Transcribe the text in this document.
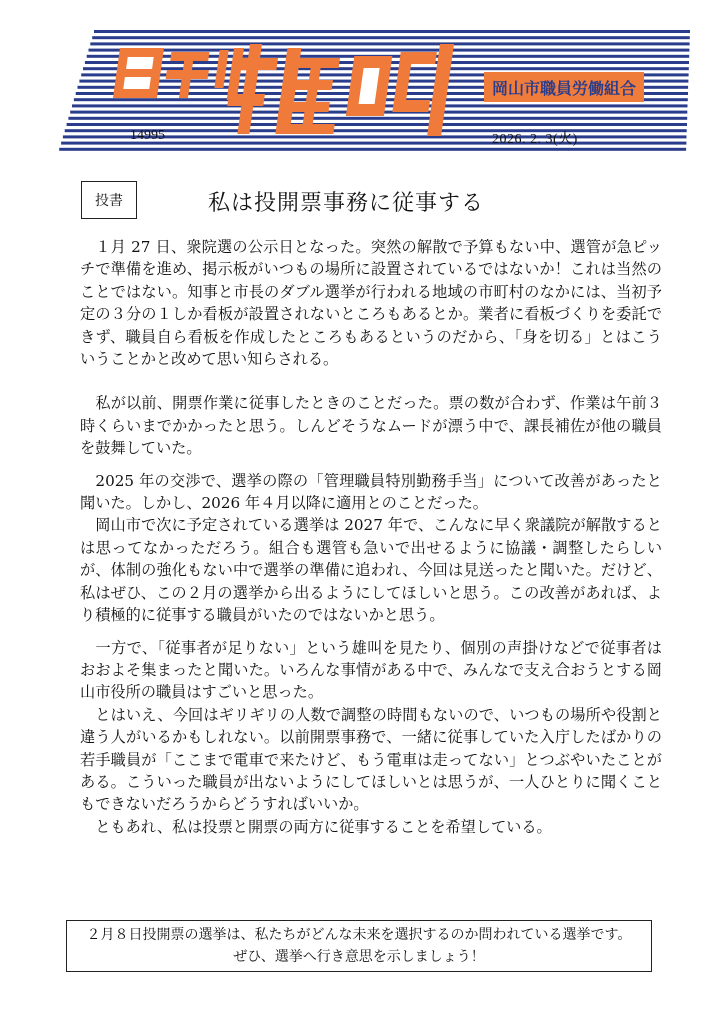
岡山市職員労働組合
14995	2026. 2. 3(火)
投書	私は投開票事務に従事する

　１月 27 日、衆院選の公示日となった。突然の解散で予算もない中、選管が急ピッチで準備を進め、掲示板がいつもの場所に設置されているではないか！これは当然のことではない。知事と市長のダブル選挙が行われる地域の市町村のなかには、当初予定の３分の１しか看板が設置されないところもあるとか。業者に看板づくりを委託できず、職員自ら看板を作成したところもあるというのだから、「身を切る」とはこういうことかと改めて思い知らされる。

　私が以前、開票作業に従事したときのことだった。票の数が合わず、作業は午前３時くらいまでかかったと思う。しんどそうなムードが漂う中で、課長補佐が他の職員を鼓舞していた。

　2025 年の交渉で、選挙の際の「管理職員特別勤務手当」について改善があったと聞いた。しかし、2026 年４月以降に適用とのことだった。

　岡山市で次に予定されている選挙は 2027 年で、こんなに早く衆議院が解散するとは思ってなかっただろう。組合も選管も急いで出せるように協議・調整したらしいが、体制の強化もない中で選挙の準備に追われ、今回は見送ったと聞いた。だけど、私はぜひ、この２月の選挙から出るようにしてほしいと思う。この改善があれば、より積極的に従事する職員がいたのではないかと思う。

　一方で、「従事者が足りない」という雄叫を見たり、個別の声掛けなどで従事者はおおよそ集まったと聞いた。いろんな事情がある中で、みんなで支え合おうとする岡山市役所の職員はすごいと思った。

　とはいえ、今回はギリギリの人数で調整の時間もないので、いつもの場所や役割と違う人がいるかもしれない。以前開票事務で、一緒に従事していた入庁したばかりの若手職員が「ここまで電車で来たけど、もう電車は走ってない」とつぶやいたことがある。こういった職員が出ないようにしてほしいとは思うが、一人ひとりに聞くこともできないだろうからどうすればいいか。

　ともあれ、私は投票と開票の両方に従事することを希望している。

２月８日投開票の選挙は、私たちがどんな未来を選択するのか問われている選挙です。
ぜひ、選挙へ行き意思を示しましょう！
